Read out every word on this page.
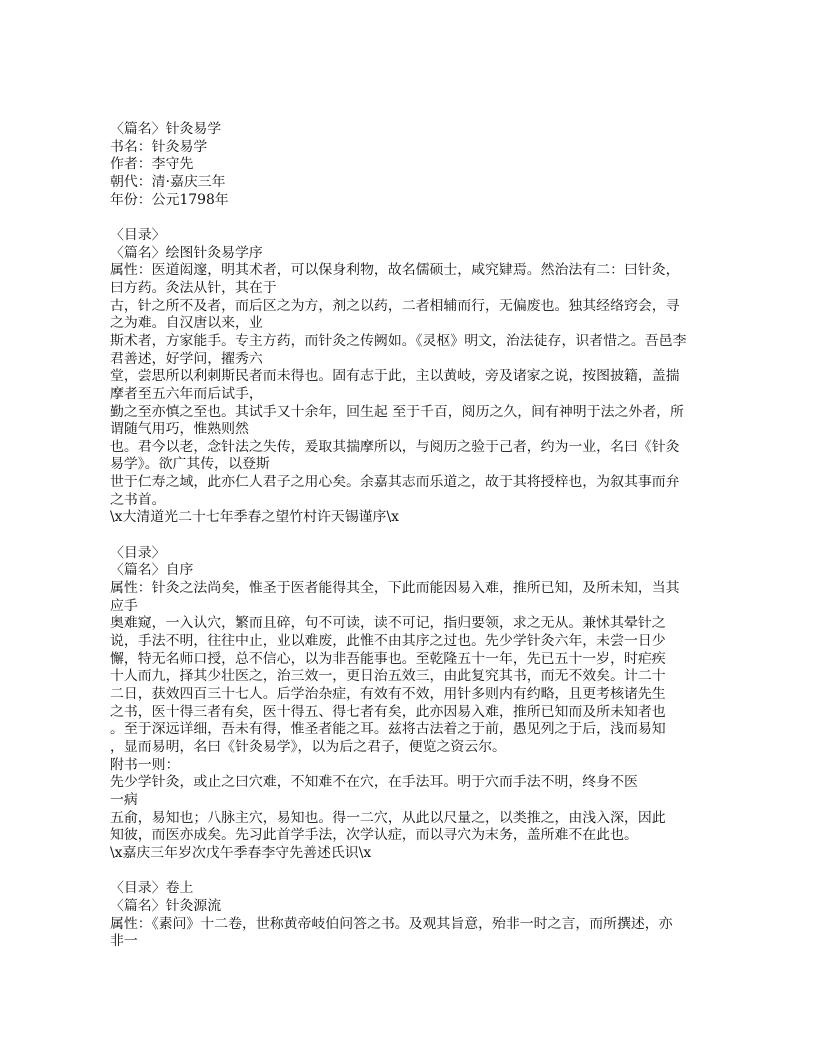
〈篇名〉针灸易学
书名：针灸易学
作者：李守先
朝代：清·嘉庆三年
年份：公元1798年
〈目录〉
〈篇名〉绘图针灸易学序
属性：医道闳邃，明其术者，可以保身利物，故名儒硕士，咸究肄焉。然治法有二：曰针灸，
曰方药。灸法从针，其在于
古，针之所不及者，而后区之为方，剂之以药，二者相辅而行，无偏废也。独其经络窍会，寻
之为难。自汉唐以来，业
斯术者，方家能手。专主方药，而针灸之传阙如。《灵枢》明文，治法徒存，识者惜之。吾邑李
君善述，好学问，擢秀六
堂，尝思所以利刺斯民者而未得也。固有志于此，主以黄岐，旁及诸家之说，按图披籍，盖揣
摩者至五六年而后试手，
勤之至亦慎之至也。其试手又十余年，回生起 至于千百，阅历之久，间有神明于法之外者，所
谓随气用巧，惟熟则然
也。君今以老，念针法之失传，爰取其揣摩所以，与阅历之验于己者，约为一业，名曰《针灸
易学》。欲广其传，以登斯
世于仁寿之域，此亦仁人君子之用心矣。余嘉其志而乐道之，故于其将授梓也，为叙其事而弁
之书首。
\x大清道光二十七年季春之望竹村许天锡谨序\x
〈目录〉
〈篇名〉自序
属性：针灸之法尚矣，惟圣于医者能得其全，下此而能因易入难，推所已知，及所未知，当其
应手
奥难窥，一入认穴，繁而且碎，句不可读，读不可记，指归要领，求之无从。兼怵其晕针之
说，手法不明，往往中止，业以难废，此惟不由其序之过也。先少学针灸六年，未尝一日少
懈，特无名师口授，总不信心，以为非吾能事也。至乾隆五十一年，先已五十一岁，时疟疾
十人而九，择其少壮医之，治三效一，更日治五效三，由此复究其书，而无不效矣。计二十
二日，获效四百三十七人。后学治杂症，有效有不效，用针多则内有约略，且更考核诸先生
之书，医十得三者有矣，医十得五、得七者有矣，此亦因易入难，推所已知而及所未知者也
。至于深远详细，吾未有得，惟圣者能之耳。兹将古法着之于前，愚见列之于后，浅而易知
，显而易明，名曰《针灸易学》，以为后之君子，便览之资云尔。
附书一则：
先少学针灸，或止之曰穴难，不知难不在穴，在手法耳。明于穴而手法不明，终身不医
一病
五俞，易知也；八脉主穴，易知也。得一二穴，从此以尺量之，以类推之，由浅入深，因此
知彼，而医亦成矣。先习此首学手法，次学认症，而以寻穴为末务，盖所难不在此也。
\x嘉庆三年岁次戊午季春李守先善述氏识\x
〈目录〉卷上
〈篇名〉针灸源流
属性：《素问》十二卷，世称黄帝岐伯问答之书。及观其旨意，殆非一时之言，而所撰述，亦
非一
